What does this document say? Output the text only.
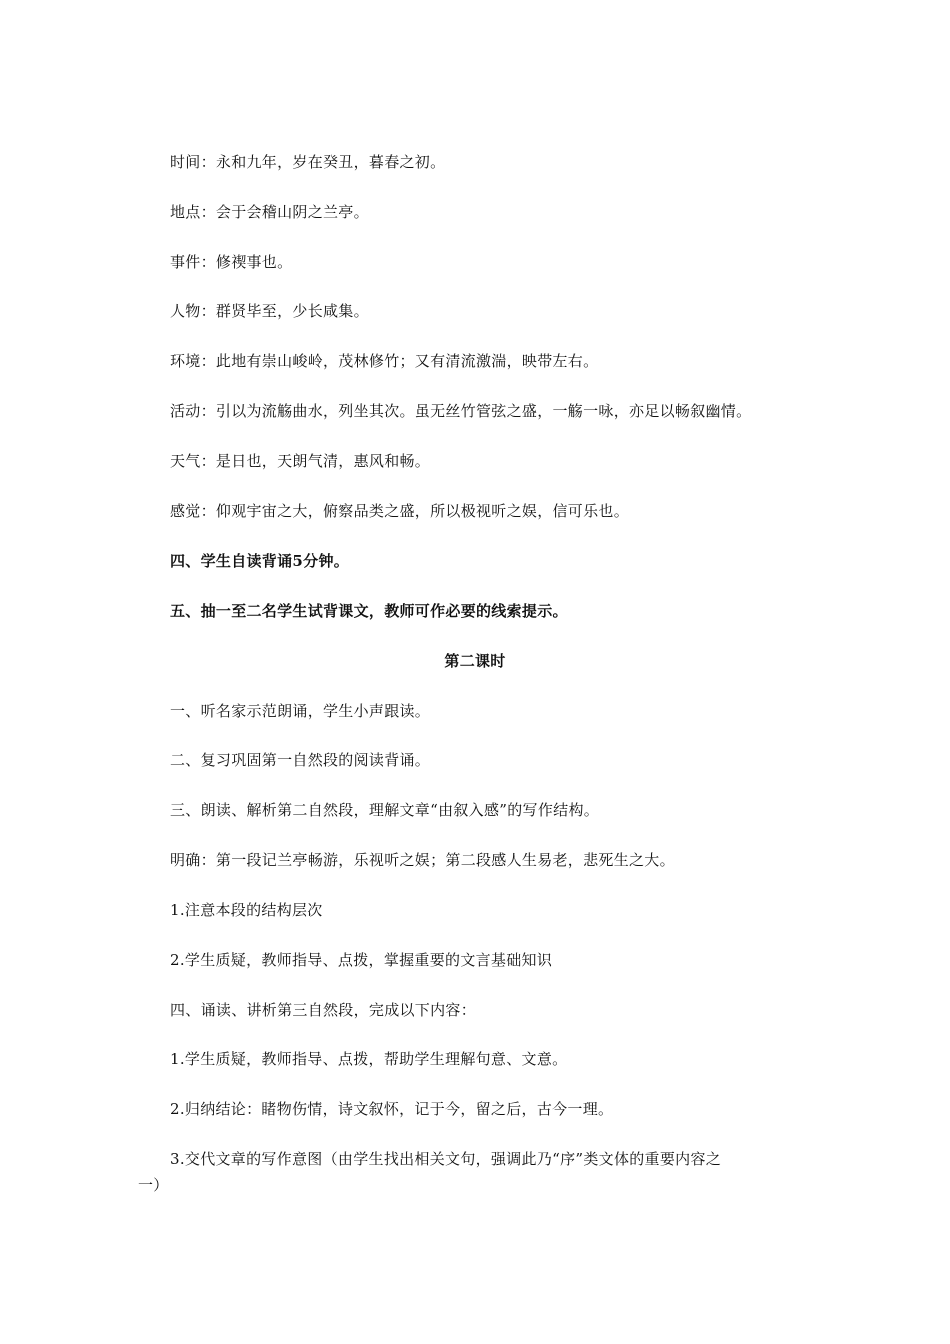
时间：永和九年，岁在癸丑，暮春之初。
地点：会于会稽山阴之兰亭。
事件：修禊事也。
人物：群贤毕至，少长咸集。
环境：此地有崇山峻岭，茂林修竹；又有清流激湍，映带左右。
活动：引以为流觞曲水，列坐其次。虽无丝竹管弦之盛，一觞一咏，亦足以畅叙幽情。
天气：是日也，天朗气清，惠风和畅。
感觉：仰观宇宙之大，俯察品类之盛，所以极视听之娱，信可乐也。
四、学生自读背诵5分钟。
五、抽一至二名学生试背课文，教师可作必要的线索提示。
第二课时
一、听名家示范朗诵，学生小声跟读。
二、复习巩固第一自然段的阅读背诵。
三、朗读、解析第二自然段，理解文章“由叙入感”的写作结构。
明确：第一段记兰亭畅游，乐视听之娱；第二段感人生易老，悲死生之大。
1.注意本段的结构层次
2.学生质疑，教师指导、点拨，掌握重要的文言基础知识
四、诵读、讲析第三自然段，完成以下内容：
1.学生质疑，教师指导、点拨，帮助学生理解句意、文意。
2.归纳结论：睹物伤情，诗文叙怀，记于今，留之后，古今一理。
3.交代文章的写作意图（由学生找出相关文句，强调此乃“序”类文体的重要内容之
一）
